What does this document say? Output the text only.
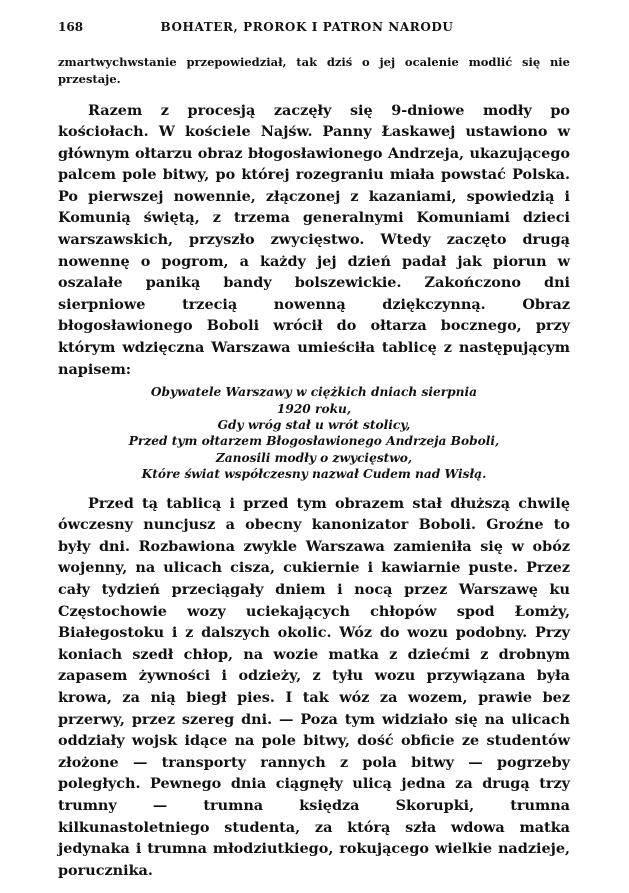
168	BOHATER, PROROK I PATRON NARODU

zmartwychwstanie przepowiedział, tak dziś o jej ocalenie modlić się nie przestaje.

Razem z procesją zaczęły się 9-dniowe modły po kościołach. W kościele Najśw. Panny Łaskawej ustawiono w głównym ołtarzu obraz błogosławionego Andrzeja, ukazującego palcem pole bitwy, po której rozegraniu miała powstać Polska. Po pierwszej nowennie, złączonej z kazaniami, spowiedzią i Komunią świętą, z trzema generalnymi Komuniami dzieci warszawskich, przyszło zwycięstwo. Wtedy zaczęto drugą nowennę o pogrom, a każdy jej dzień padał jak piorun w oszalałe paniką bandy bolszewickie. Zakończono dni sierpniowe trzecią nowenną dziękczynną. Obraz błogosławionego Boboli wrócił do ołtarza bocznego, przy którym wdzięczna Warszawa umieściła tablicę z następującym napisem:

Obywatele Warszawy w ciężkich dniach sierpnia
1920 roku,
Gdy wróg stał u wrót stolicy,
Przed tym ołtarzem Błogosławionego Andrzeja Boboli,
Zanosili modły o zwycięstwo,
Które świat współczesny nazwał Cudem nad Wisłą.

Przed tą tablicą i przed tym obrazem stał dłuższą chwilę ówczesny nuncjusz a obecny kanonizator Boboli. Groźne to były dni. Rozbawiona zwykle Warszawa zamieniła się w obóz wojenny, na ulicach cisza, cukiernie i kawiarnie puste. Przez cały tydzień przeciągały dniem i nocą przez Warszawę ku Częstochowie wozy uciekających chłopów spod Łomży, Białegostoku i z dalszych okolic. Wóz do wozu podobny. Przy koniach szedł chłop, na wozie matka z dziećmi z drobnym zapasem żywności i odzieży, z tyłu wozu przywiązana była krowa, za nią biegł pies. I tak wóz za wozem, prawie bez przerwy, przez szereg dni. — Poza tym widziało się na ulicach oddziały wojsk idące na pole bitwy, dość obficie ze studentów złożone — transporty rannych z pola bitwy — pogrzeby poległych. Pewnego dnia ciągnęły ulicą jedna za drugą trzy trumny — trumna księdza Skorupki, trumna kilkunastoletniego studenta, za którą szła wdowa matka jedynaka i trumna młodziutkiego, rokującego wielkie nadzieje, porucznika.
